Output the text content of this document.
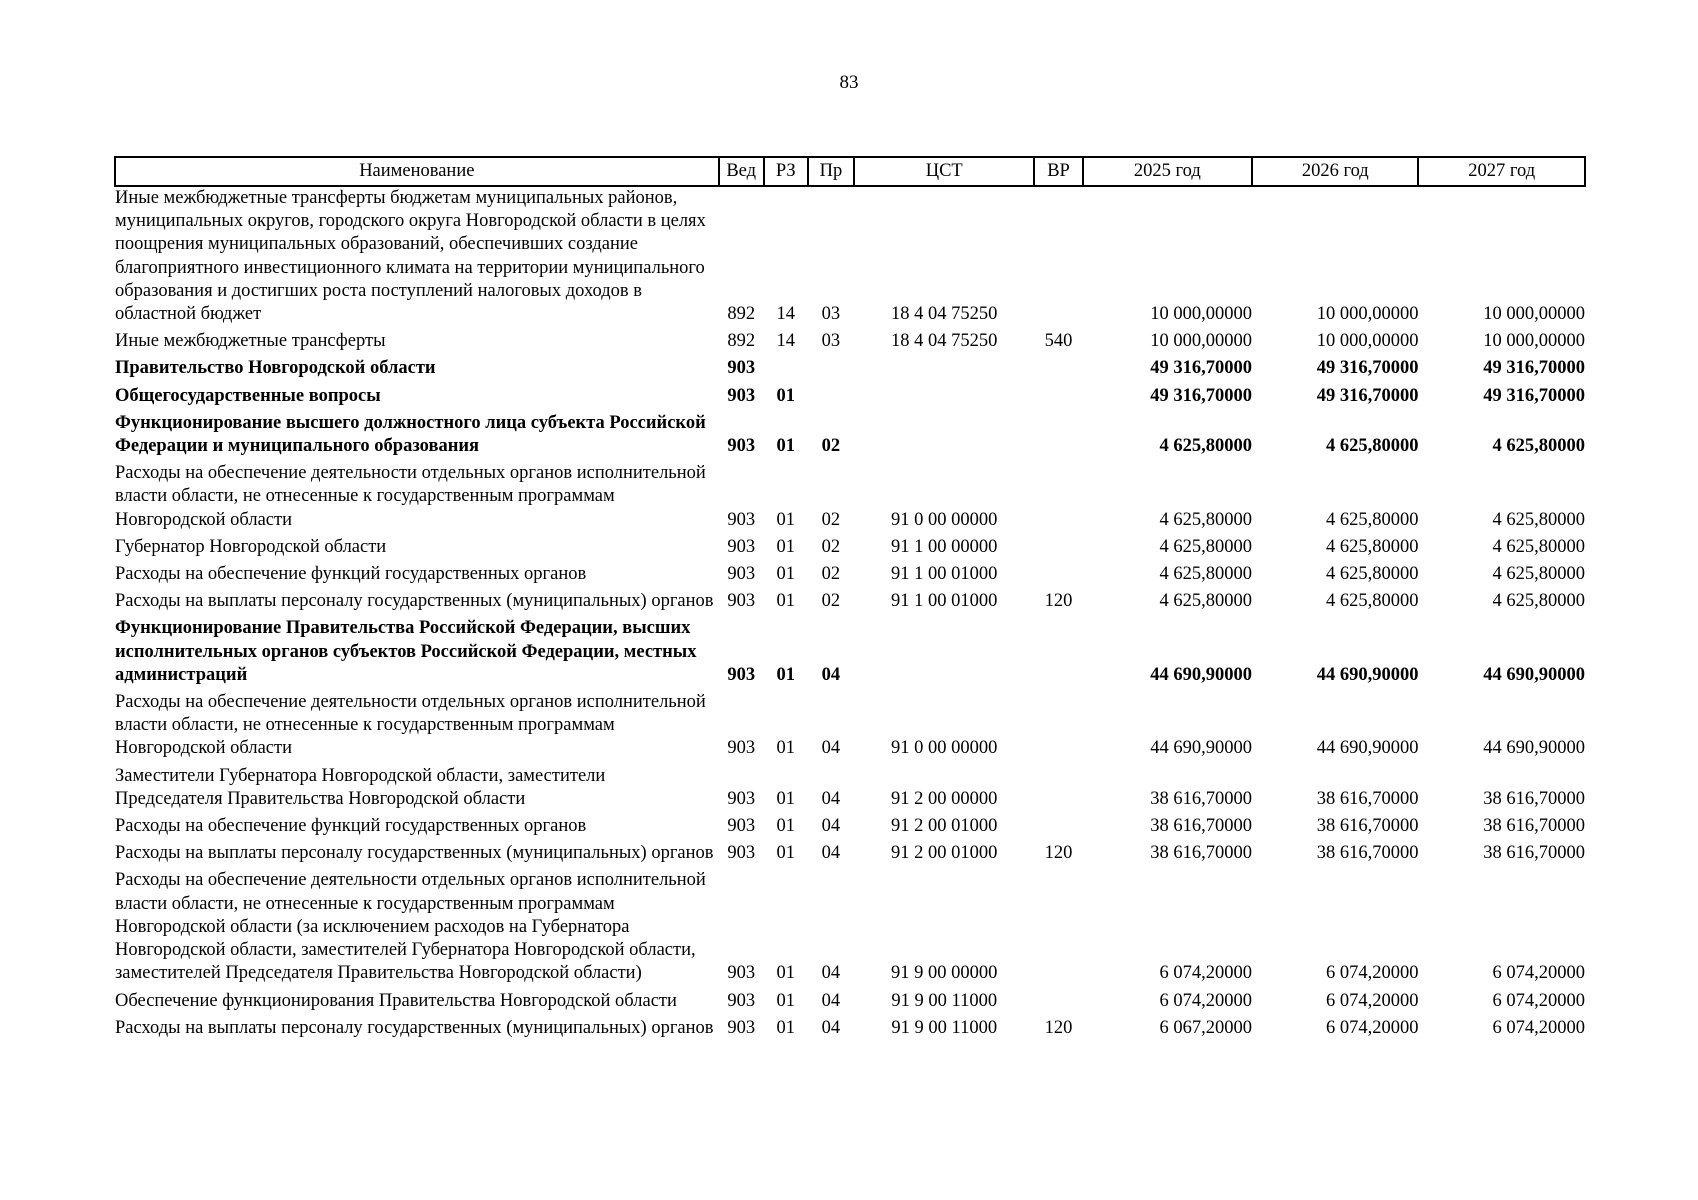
83
Наименование	Вед	РЗ	Пр	ЦСТ	ВР	2025 год	2026 год	2027 год
Иные межбюджетные трансферты бюджетам муниципальных районов, муниципальных округов, городского округа Новгородской области в целях поощрения муниципальных образований, обеспечивших создание благоприятного инвестиционного климата на территории муниципального образования и достигших роста поступлений налоговых доходов в областной бюджет	892	14	03	18 4 04 75250		10 000,00000	10 000,00000	10 000,00000
Иные межбюджетные трансферты	892	14	03	18 4 04 75250	540	10 000,00000	10 000,00000	10 000,00000
Правительство Новгородской области	903					49 316,70000	49 316,70000	49 316,70000
Общегосударственные вопросы	903	01				49 316,70000	49 316,70000	49 316,70000
Функционирование высшего должностного лица субъекта Российской Федерации и муниципального образования	903	01	02			4 625,80000	4 625,80000	4 625,80000
Расходы на обеспечение деятельности отдельных органов исполнительной власти области, не отнесенные к государственным программам Новгородской области	903	01	02	91 0 00 00000		4 625,80000	4 625,80000	4 625,80000
Губернатор Новгородской области	903	01	02	91 1 00 00000		4 625,80000	4 625,80000	4 625,80000
Расходы на обеспечение функций государственных органов	903	01	02	91 1 00 01000		4 625,80000	4 625,80000	4 625,80000
Расходы на выплаты персоналу государственных (муниципальных) органов	903	01	02	91 1 00 01000	120	4 625,80000	4 625,80000	4 625,80000
Функционирование Правительства Российской Федерации, высших исполнительных органов субъектов Российской Федерации, местных администраций	903	01	04			44 690,90000	44 690,90000	44 690,90000
Расходы на обеспечение деятельности отдельных органов исполнительной власти области, не отнесенные к государственным программам Новгородской области	903	01	04	91 0 00 00000		44 690,90000	44 690,90000	44 690,90000
Заместители Губернатора Новгородской области, заместители Председателя Правительства Новгородской области	903	01	04	91 2 00 00000		38 616,70000	38 616,70000	38 616,70000
Расходы на обеспечение функций государственных органов	903	01	04	91 2 00 01000		38 616,70000	38 616,70000	38 616,70000
Расходы на выплаты персоналу государственных (муниципальных) органов	903	01	04	91 2 00 01000	120	38 616,70000	38 616,70000	38 616,70000
Расходы на обеспечение деятельности отдельных органов исполнительной власти области, не отнесенные к государственным программам Новгородской области (за исключением расходов на Губернатора Новгородской области, заместителей Губернатора Новгородской области, заместителей Председателя Правительства Новгородской области)	903	01	04	91 9 00 00000		6 074,20000	6 074,20000	6 074,20000
Обеспечение функционирования Правительства Новгородской области	903	01	04	91 9 00 11000		6 074,20000	6 074,20000	6 074,20000
Расходы на выплаты персоналу государственных (муниципальных) органов	903	01	04	91 9 00 11000	120	6 067,20000	6 074,20000	6 074,20000
